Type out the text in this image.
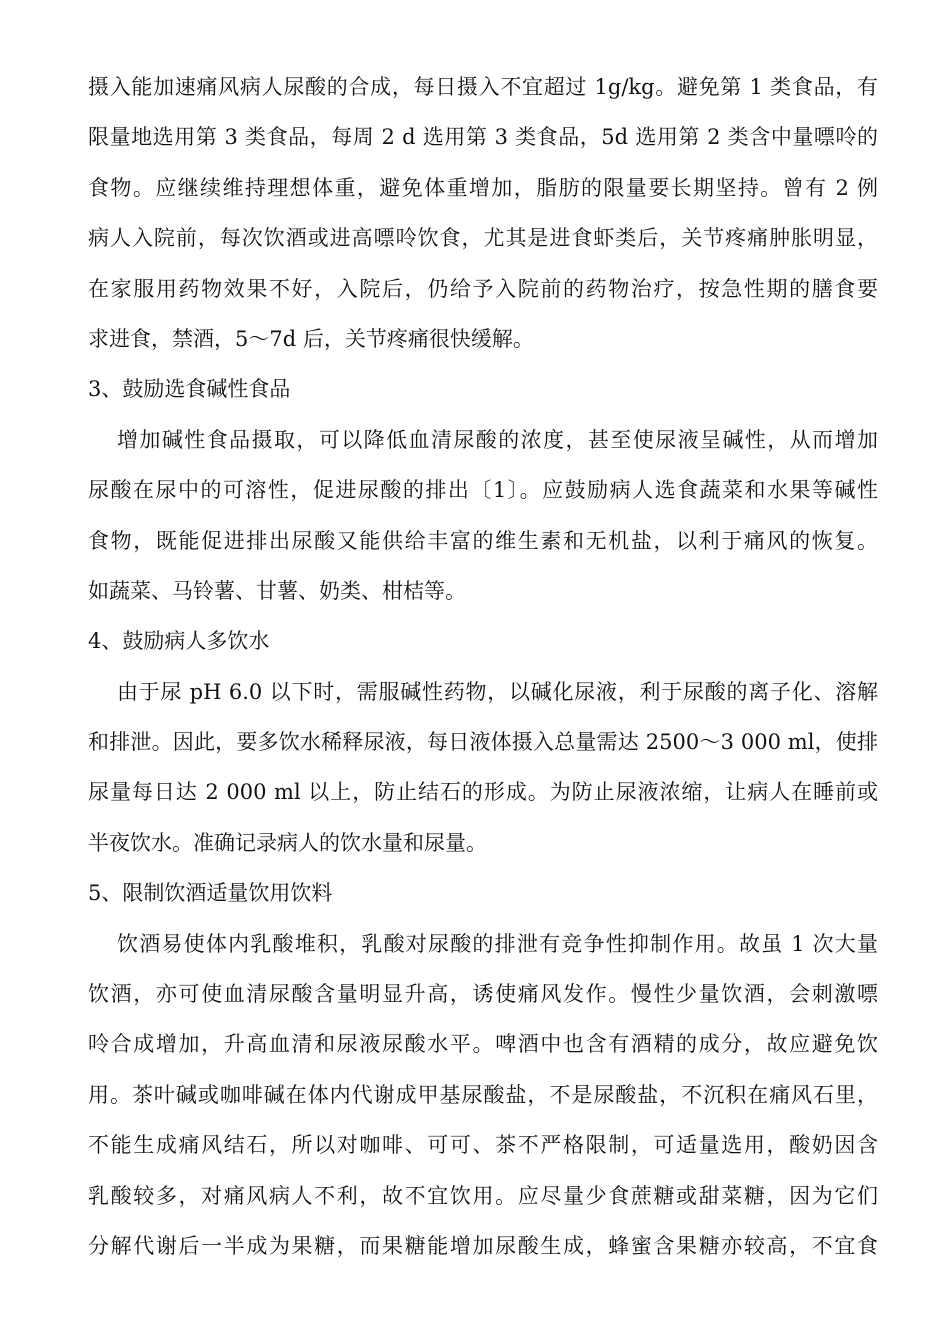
摄入能加速痛风病人尿酸的合成，每日摄入不宜超过 1g/kg。避免第 1 类食品，有
限量地选用第 3 类食品，每周 2 d 选用第 3 类食品，5d 选用第 2 类含中量嘌呤的
食物。应继续维持理想体重，避免体重增加，脂肪的限量要长期坚持。曾有 2 例
病人入院前，每次饮酒或进高嘌呤饮食，尤其是进食虾类后，关节疼痛肿胀明显，
在家服用药物效果不好，入院后，仍给予入院前的药物治疗，按急性期的膳食要
求进食，禁酒，5～7d 后，关节疼痛很快缓解。
3、鼓励选食碱性食品
增加碱性食品摄取，可以降低血清尿酸的浓度，甚至使尿液呈碱性，从而增加
尿酸在尿中的可溶性，促进尿酸的排出〔1〕。应鼓励病人选食蔬菜和水果等碱性
食物，既能促进排出尿酸又能供给丰富的维生素和无机盐，以利于痛风的恢复。
如蔬菜、马铃薯、甘薯、奶类、柑桔等。
4、鼓励病人多饮水
由于尿 pH 6.0 以下时，需服碱性药物，以碱化尿液，利于尿酸的离子化、溶解
和排泄。因此，要多饮水稀释尿液，每日液体摄入总量需达 2500～3 000 ml，使排
尿量每日达 2 000 ml 以上，防止结石的形成。为防止尿液浓缩，让病人在睡前或
半夜饮水。准确记录病人的饮水量和尿量。
5、限制饮酒适量饮用饮料
饮酒易使体内乳酸堆积，乳酸对尿酸的排泄有竞争性抑制作用。故虽 1 次大量
饮酒，亦可使血清尿酸含量明显升高，诱使痛风发作。慢性少量饮酒，会刺激嘌
呤合成增加，升高血清和尿液尿酸水平。啤酒中也含有酒精的成分，故应避免饮
用。茶叶碱或咖啡碱在体内代谢成甲基尿酸盐，不是尿酸盐，不沉积在痛风石里，
不能生成痛风结石，所以对咖啡、可可、茶不严格限制，可适量选用，酸奶因含
乳酸较多，对痛风病人不利，故不宜饮用。应尽量少食蔗糖或甜菜糖，因为它们
分解代谢后一半成为果糖，而果糖能增加尿酸生成，蜂蜜含果糖亦较高，不宜食
